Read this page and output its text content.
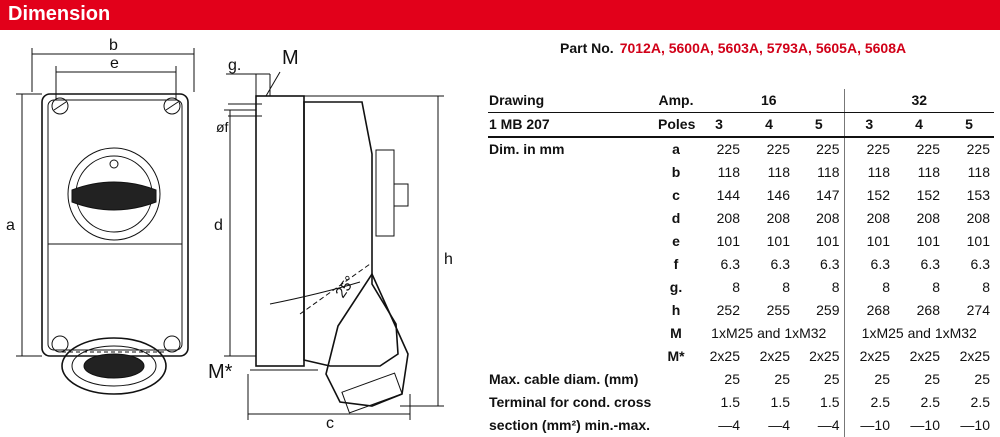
Dimension
Part No. 7012A, 5600A, 5603A, 5793A, 5605A, 5608A
b
e
a	d
g. M
øf
h
c
M*
25°
Drawing	Amp.	16			32		
1 MB 207	Poles	3	4	5	3	4	5
Dim. in mm	a	225	225	225	225	225	225
	b	118	118	118	118	118	118
	c	144	146	147	152	152	153
	d	208	208	208	208	208	208
	e	101	101	101	101	101	101
	f	6.3	6.3	6.3	6.3	6.3	6.3
	g.	8	8	8	8	8	8
	h	252	255	259	268	268	274
	M	1xM25 and 1xM32			1xM25 and 1xM32		
	M*	2x25	2x25	2x25	2x25	2x25	2x25
Max. cable diam. (mm)		25	25	25	25	25	25
Terminal for cond. cross		1.5	1.5	1.5	2.5	2.5	2.5
section (mm²) min.-max.		—4	—4	—4	—10	—10	—10
